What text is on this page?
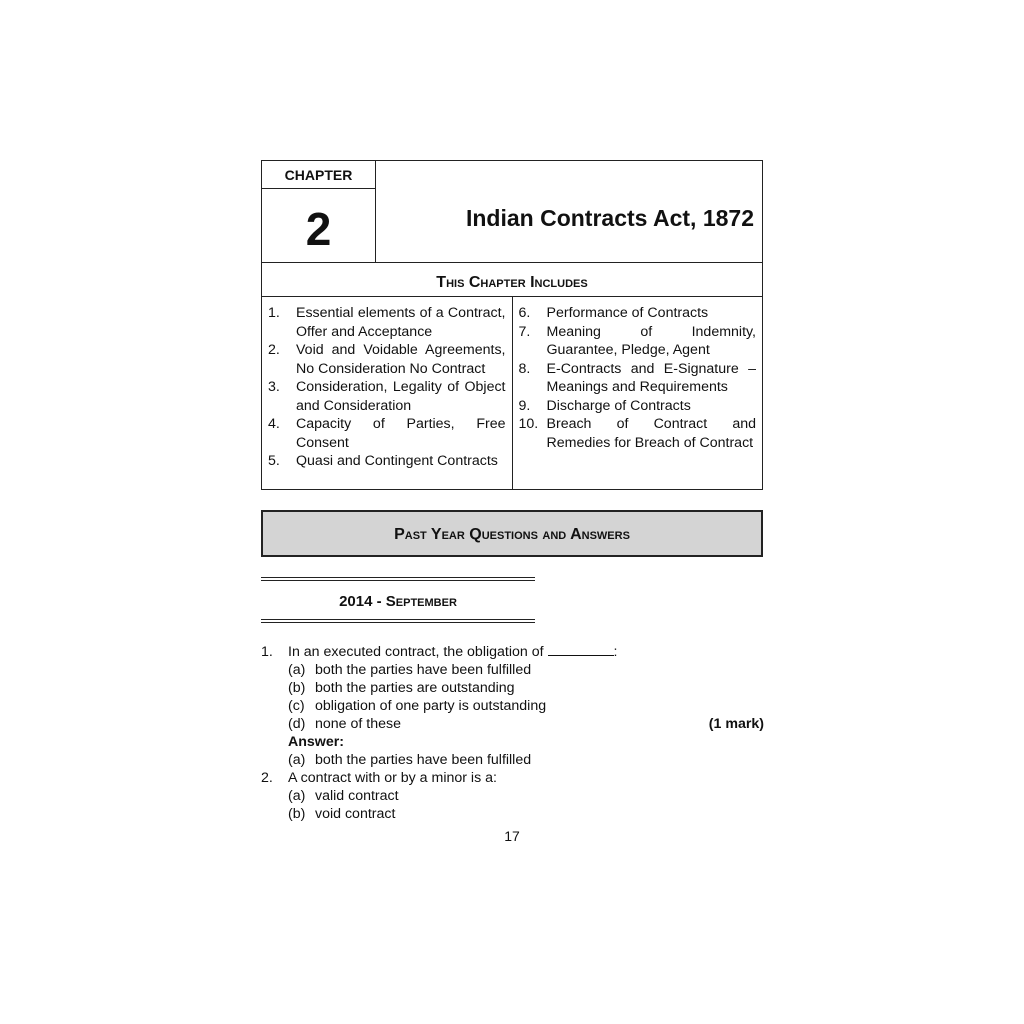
CHAPTER
2	Indian Contracts Act, 1872
This Chapter Includes
1.	Essential elements of a Contract, Offer and Acceptance
2.	Void and Voidable Agreements, No Consideration No Contract
3.	Consideration, Legality of Object and Consideration
4.	Capacity of Parties, Free Consent
5.	Quasi and Contingent Contracts
6.	Performance of Contracts
7.	Meaning of Indemnity, Guarantee, Pledge, Agent
8.	E-Contracts and E-Signature – Meanings and Requirements
9.	Discharge of Contracts
10. Breach of Contract and Remedies for Breach of Contract
Past Year Questions and Answers
2014 - September
1.	In an executed contract, the obligation of	:
(a) both the parties have been fulfilled
(b) both the parties are outstanding
(c) obligation of one party is outstanding
(d) none of these	(1 mark)
Answer:
(a) both the parties have been fulfilled
2.	A contract with or by a minor is a:
(a) valid contract
(b) void contract
17
